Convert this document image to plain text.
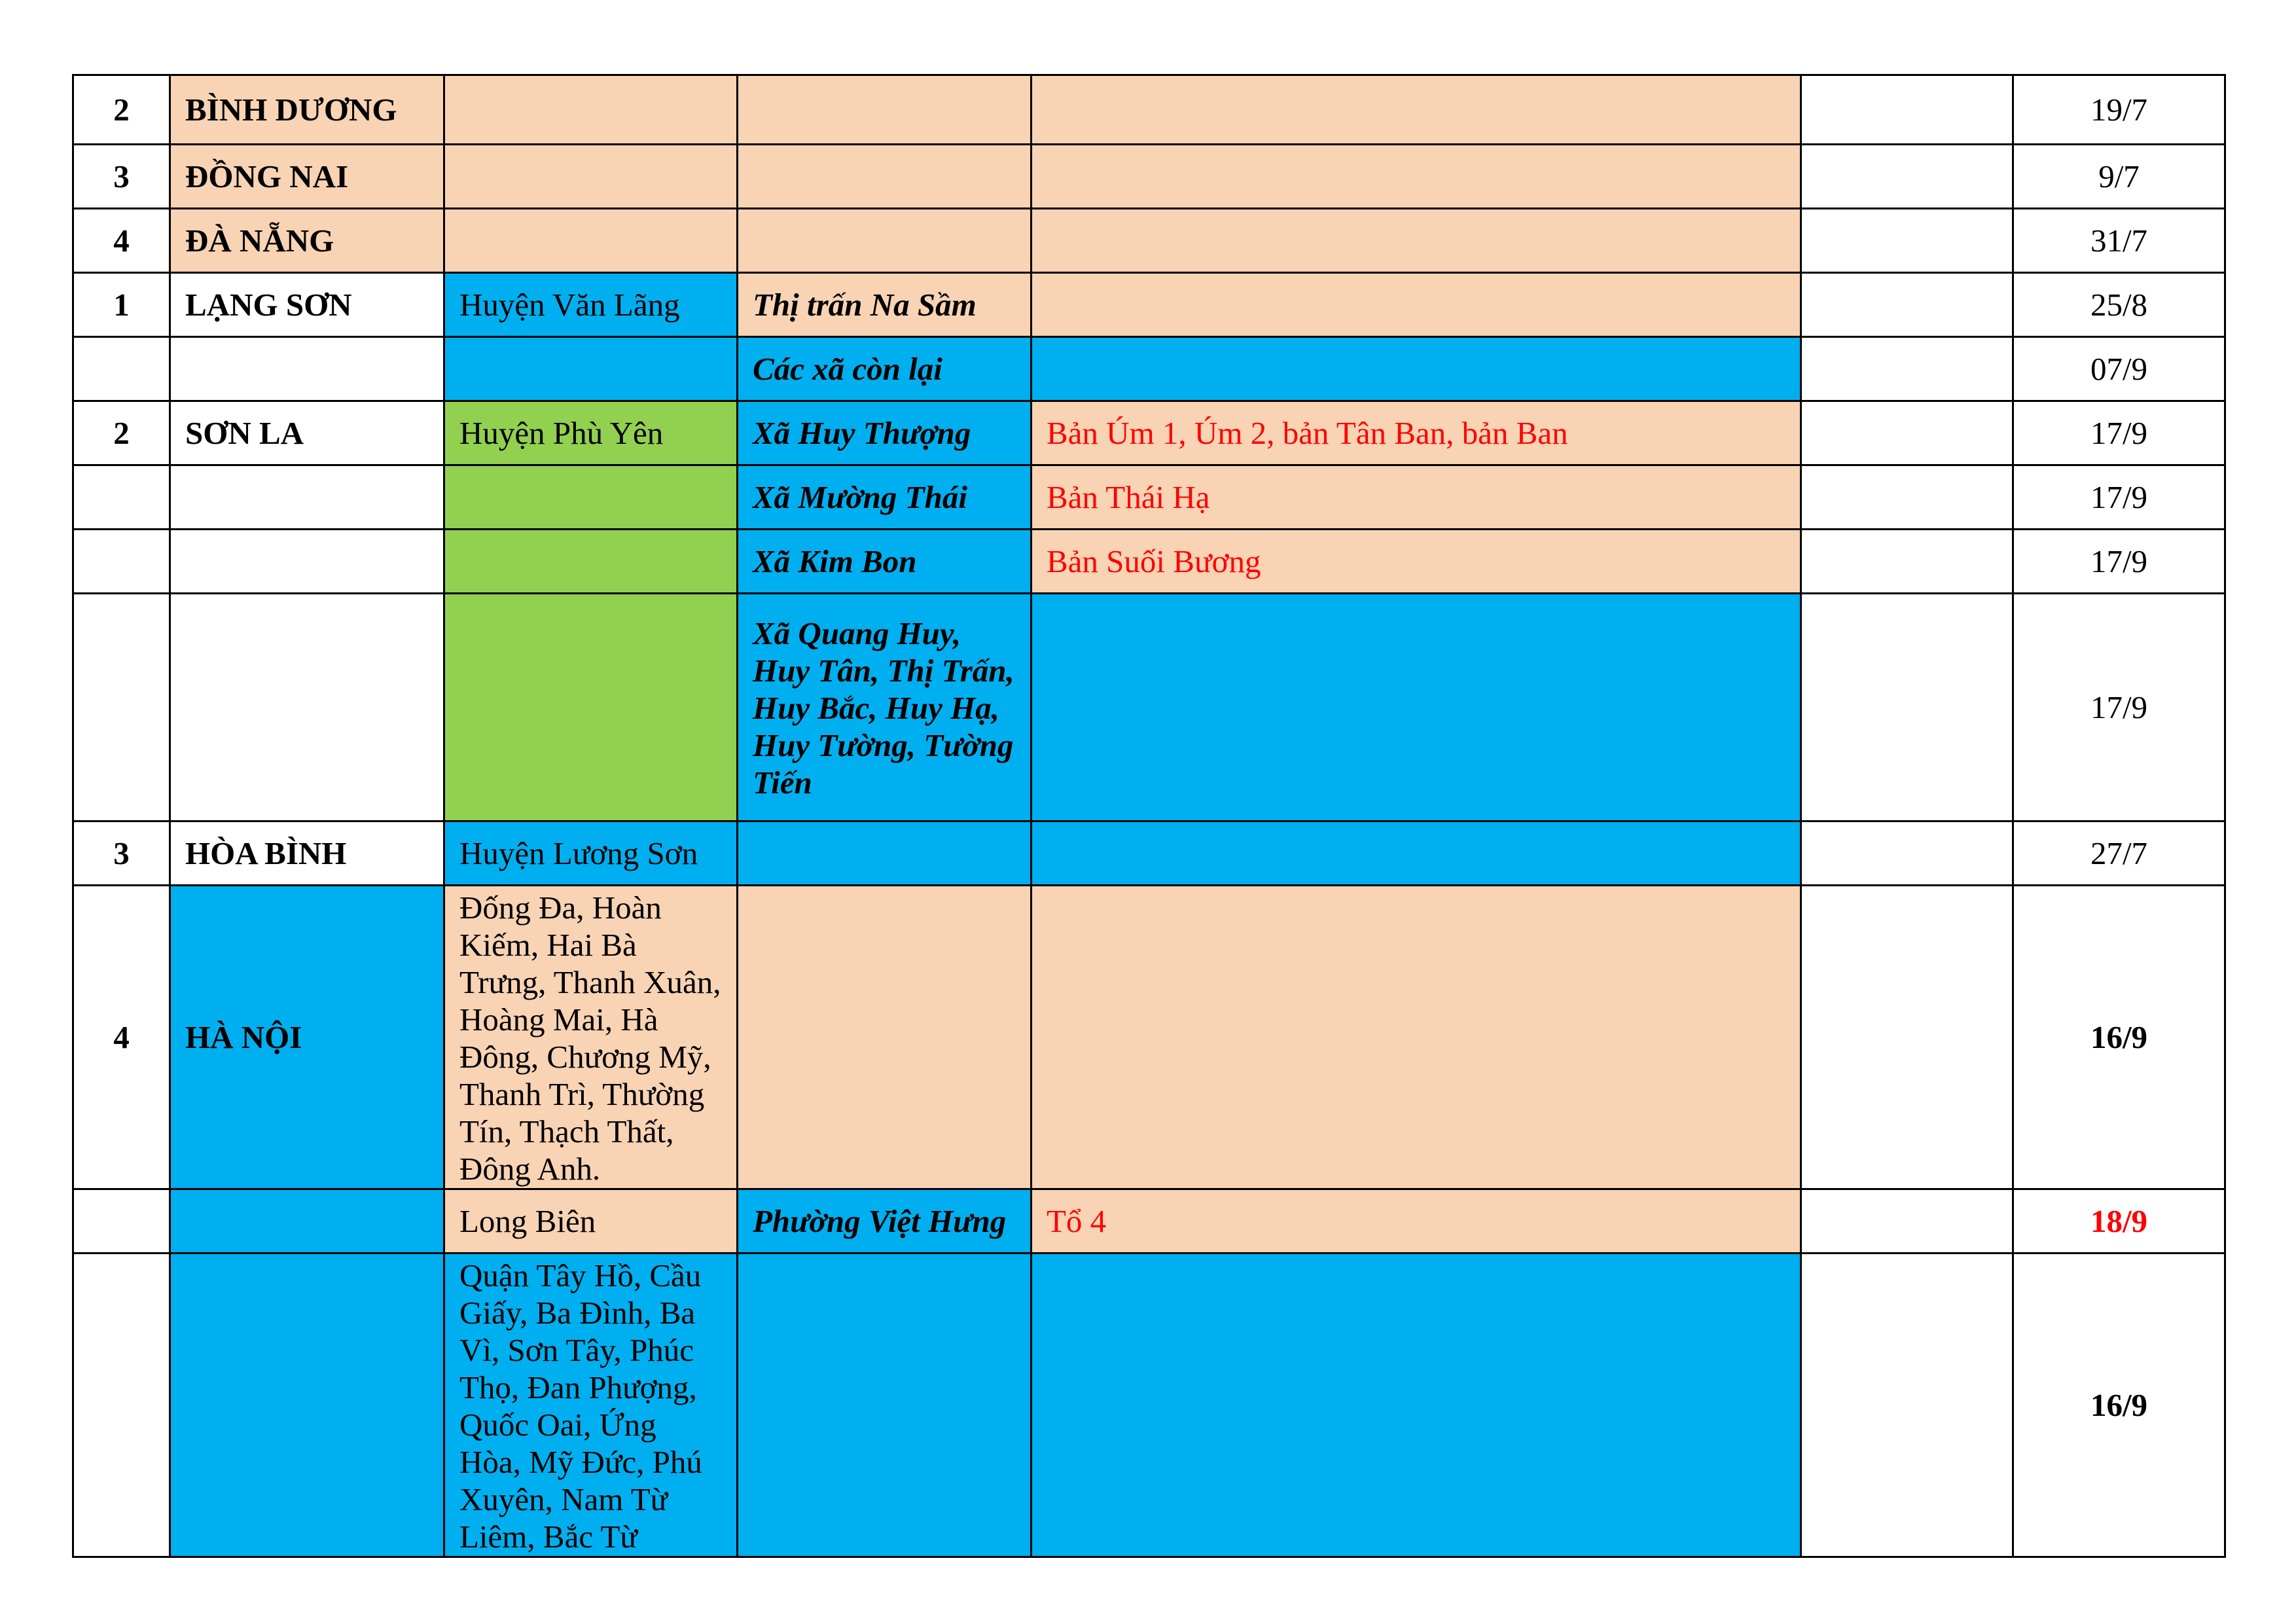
2	BÌNH DƯƠNG					19/7
3	ĐỒNG NAI					9/7
4	ĐÀ NẴNG					31/7
1	LẠNG SƠN	Huyện Văn Lãng	Thị trấn Na Sầm			25/8
			Các xã còn lại			07/9
2	SƠN LA	Huyện Phù Yên	Xã Huy Thượng	Bản Úm 1, Úm 2, bản Tân Ban, bản Ban		17/9
			Xã Mường Thái	Bản Thái Hạ		17/9
			Xã Kim Bon	Bản Suối Bương		17/9
			Xã Quang Huy, Huy Tân, Thị Trấn, Huy Bắc, Huy Hạ, Huy Tường, Tường Tiến			17/9
3	HÒA BÌNH	Huyện Lương Sơn				27/7
4	HÀ NỘI	Đống Đa, Hoàn Kiếm, Hai Bà Trưng, Thanh Xuân, Hoàng Mai, Hà Đông, Chương Mỹ, Thanh Trì, Thường Tín, Thạch Thất, Đông Anh.				16/9
		Long Biên	Phường Việt Hưng	Tổ 4		18/9
		Quận Tây Hồ, Cầu Giấy, Ba Đình, Ba Vì, Sơn Tây, Phúc Thọ, Đan Phượng, Quốc Oai, Ứng Hòa, Mỹ Đức, Phú Xuyên, Nam Từ Liêm, Bắc Từ				16/9
